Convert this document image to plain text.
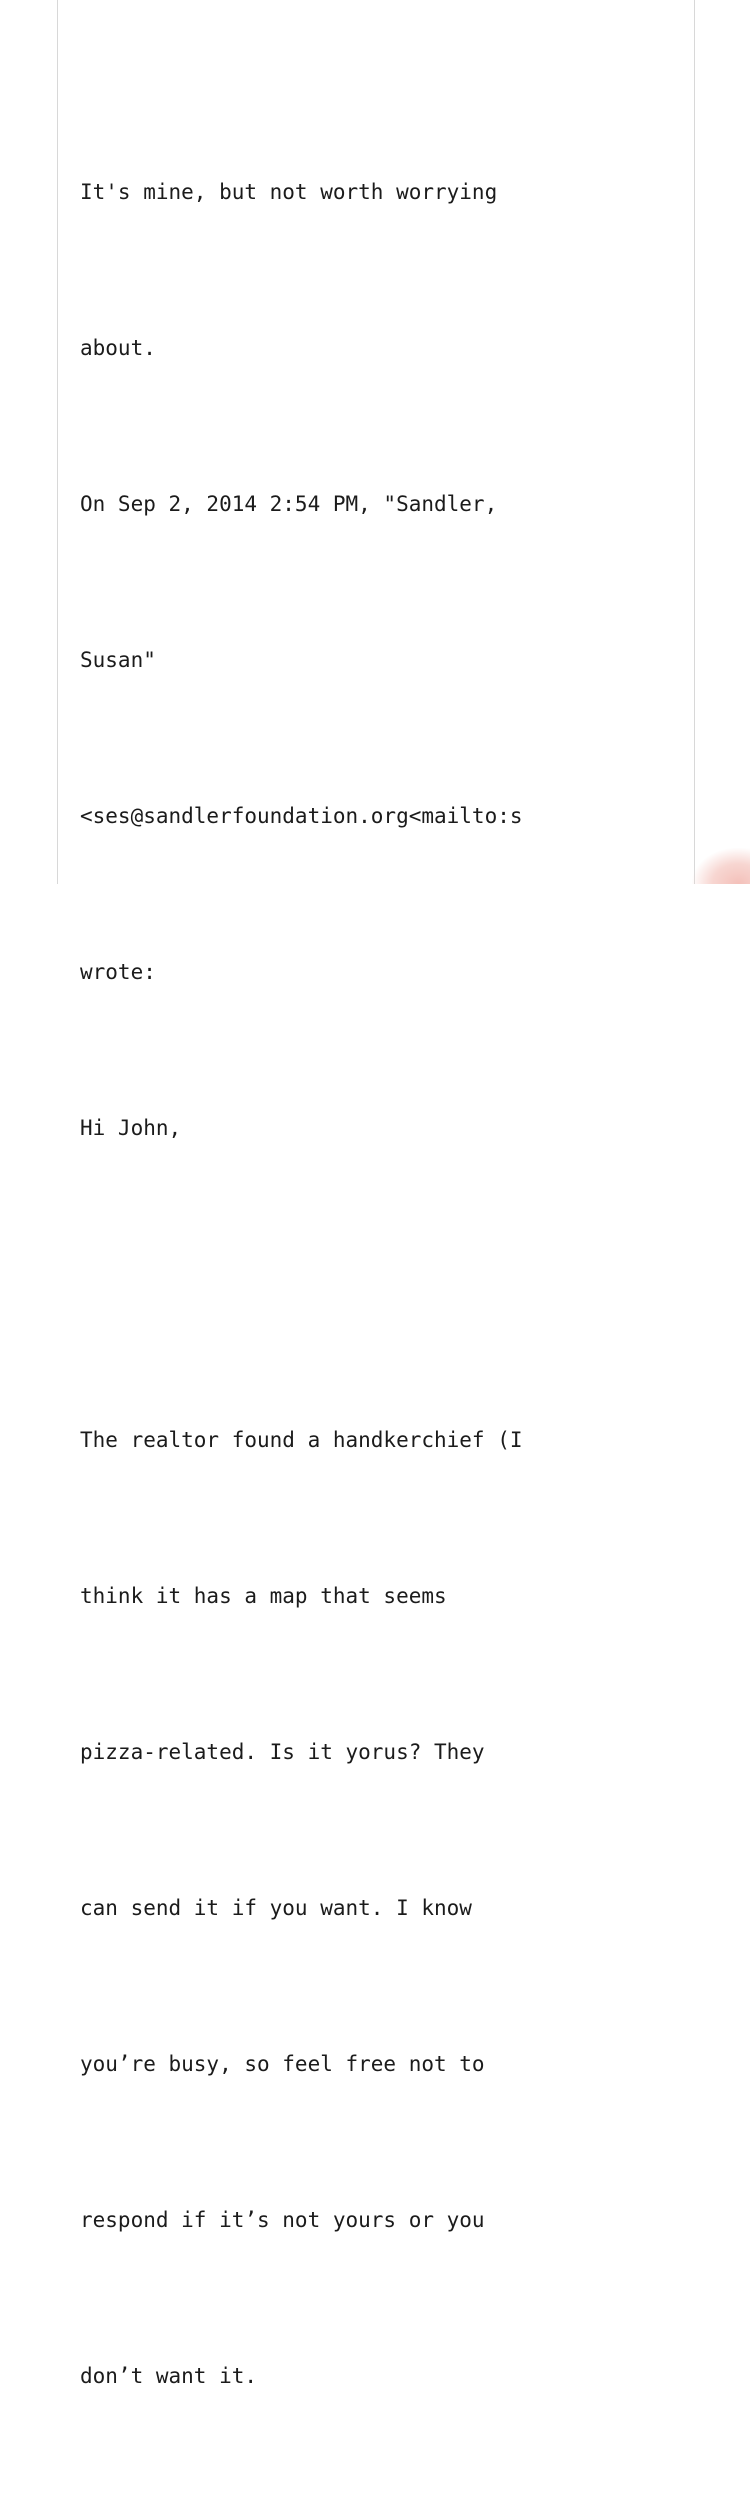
It's mine, but not worth worrying

about.

On Sep 2, 2014 2:54 PM, "Sandler,

Susan"

<ses@sandlerfoundation.org<mailto:s

wrote:

Hi John,

The realtor found a handkerchief (I

think it has a map that seems

pizza-related. Is it yorus? They

can send it if you want. I know

you’re busy, so feel free not to

respond if it’s not yours or you

don’t want it.
